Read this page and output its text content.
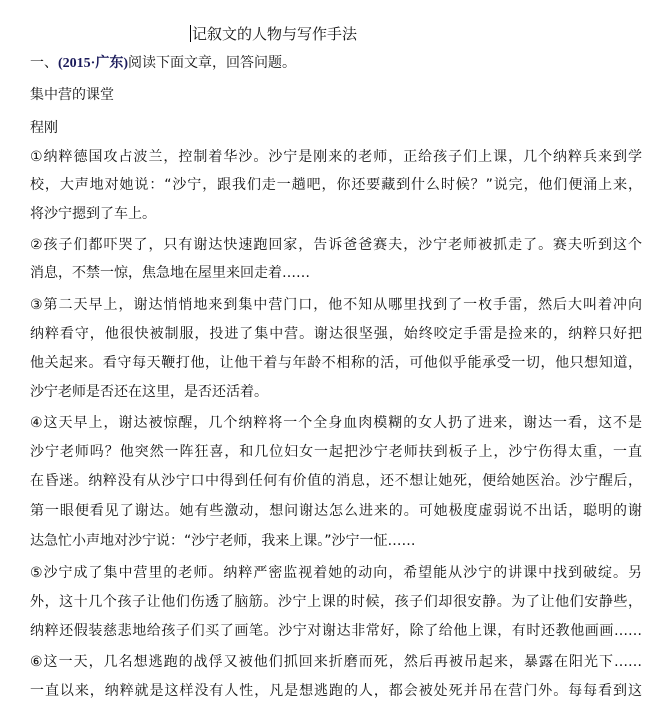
记叙文的人物与写作手法
一、(2015·广东)阅读下面文章，回答问题。
集中营的课堂
程刚
①纳粹德国攻占波兰，控制着华沙。沙宁是刚来的老师，正给孩子们上课，几个纳粹兵来到学
校，大声地对她说：“沙宁，跟我们走一趟吧，你还要藏到什么时候？”说完，他们便涌上来，
将沙宁摁到了车上。
②孩子们都吓哭了，只有谢达快速跑回家，告诉爸爸赛夫，沙宁老师被抓走了。赛夫听到这个
消息，不禁一惊，焦急地在屋里来回走着……
③第二天早上，谢达悄悄地来到集中营门口，他不知从哪里找到了一枚手雷，然后大叫着冲向
纳粹看守，他很快被制服，投进了集中营。谢达很坚强，始终咬定手雷是捡来的，纳粹只好把
他关起来。看守每天鞭打他，让他干着与年龄不相称的活，可他似乎能承受一切，他只想知道，
沙宁老师是否还在这里，是否还活着。
④这天早上，谢达被惊醒，几个纳粹将一个全身血肉模糊的女人扔了进来，谢达一看，这不是
沙宁老师吗？他突然一阵狂喜，和几位妇女一起把沙宁老师扶到板子上，沙宁伤得太重，一直
在昏迷。纳粹没有从沙宁口中得到任何有价值的消息，还不想让她死，便给她医治。沙宁醒后，
第一眼便看见了谢达。她有些激动，想问谢达怎么进来的。可她极度虚弱说不出话，聪明的谢
达急忙小声地对沙宁说：“沙宁老师，我来上课。”沙宁一怔……
⑤沙宁成了集中营里的老师。纳粹严密监视着她的动向，希望能从沙宁的讲课中找到破绽。另
外，这十几个孩子让他们伤透了脑筋。沙宁上课的时候，孩子们却很安静。为了让他们安静些，
纳粹还假装慈悲地给孩子们买了画笔。沙宁对谢达非常好，除了给他上课，有时还教他画画……
⑥这一天，几名想逃跑的战俘又被他们抓回来折磨而死，然后再被吊起来，暴露在阳光下……
一直以来，纳粹就是这样没有人性，凡是想逃跑的人，都会被处死并吊在营门外。每每看到这
